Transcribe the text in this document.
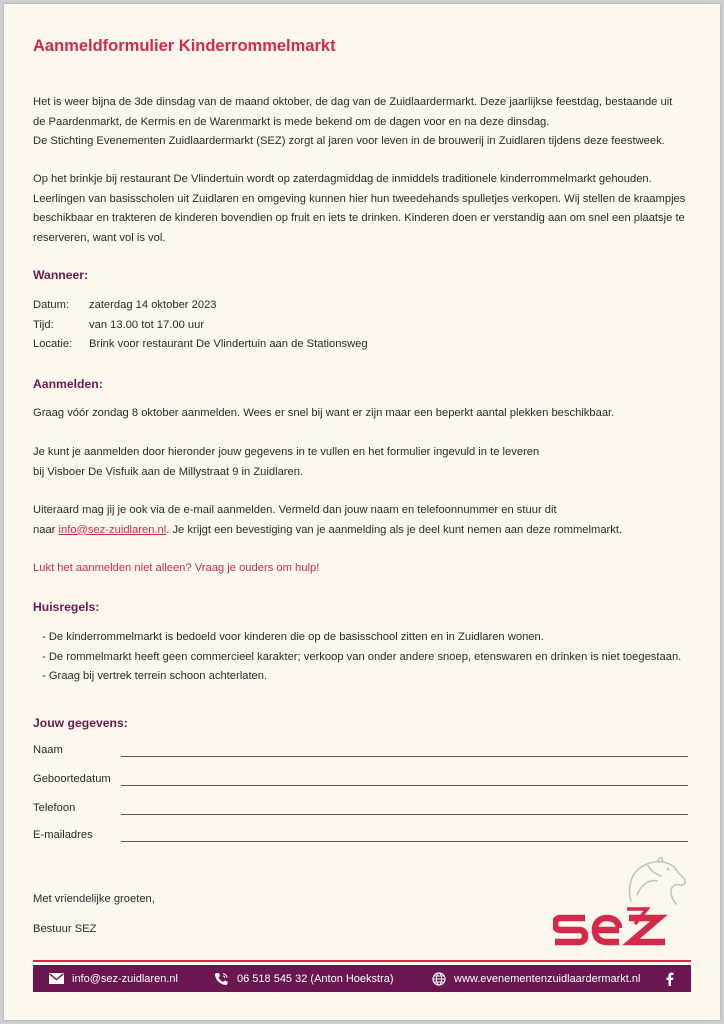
Aanmeldformulier Kinderrommelmarkt
Het is weer bijna de 3de dinsdag van de maand oktober, de dag van de Zuidlaardermarkt. Deze jaarlijkse feestdag, bestaande uit
de Paardenmarkt, de Kermis en de Warenmarkt is mede bekend om de dagen voor en na deze dinsdag.
De Stichting Evenementen Zuidlaardermarkt (SEZ) zorgt al jaren voor leven in de brouwerij in Zuidlaren tijdens deze feestweek.
Op het brinkje bij restaurant De Vlindertuin wordt op zaterdagmiddag de inmiddels traditionele kinderrommelmarkt gehouden.
Leerlingen van basisscholen uit Zuidlaren en omgeving kunnen hier hun tweedehands spulletjes verkopen. Wij stellen de kraampjes
beschikbaar en trakteren de kinderen bovendien op fruit en iets te drinken. Kinderen doen er verstandig aan om snel een plaatsje te
reserveren, want vol is vol.
Wanneer:
Datum:	zaterdag 14 oktober 2023
Tijd:	van 13.00 tot 17.00 uur
Locatie:	Brink voor restaurant De Vlindertuin aan de Stationsweg
Aanmelden:
Graag vóór zondag 8 oktober aanmelden. Wees er snel bij want er zijn maar een beperkt aantal plekken beschikbaar.
Je kunt je aanmelden door hieronder jouw gegevens in te vullen en het formulier ingevuld in te leveren
bij Visboer De Visfuik aan de Millystraat 9 in Zuidlaren.
Uiteraard mag jij je ook via de e-mail aanmelden. Vermeld dan jouw naam en telefoonnummer en stuur dit
naar info@sez-zuidlaren.nl. Je krijgt een bevestiging van je aanmelding als je deel kunt nemen aan deze rommelmarkt.
Lukt het aanmelden niet alleen? Vraag je ouders om hulp!
Huisregels:
- De kinderrommelmarkt is bedoeld voor kinderen die op de basisschool zitten en in Zuidlaren wonen.
- De rommelmarkt heeft geen commercieel karakter; verkoop van onder andere snoep, etenswaren en drinken is niet toegestaan.
- Graag bij vertrek terrein schoon achterlaten.
Jouw gegevens:
Naam
Geboortedatum
Telefoon
E-mailadres
Met vriendelijke groeten,
Bestuur SEZ
info@sez-zuidlaren.nl	06 518 545 32 (Anton Hoekstra)	www.evenementenzuidlaardermarkt.nl
